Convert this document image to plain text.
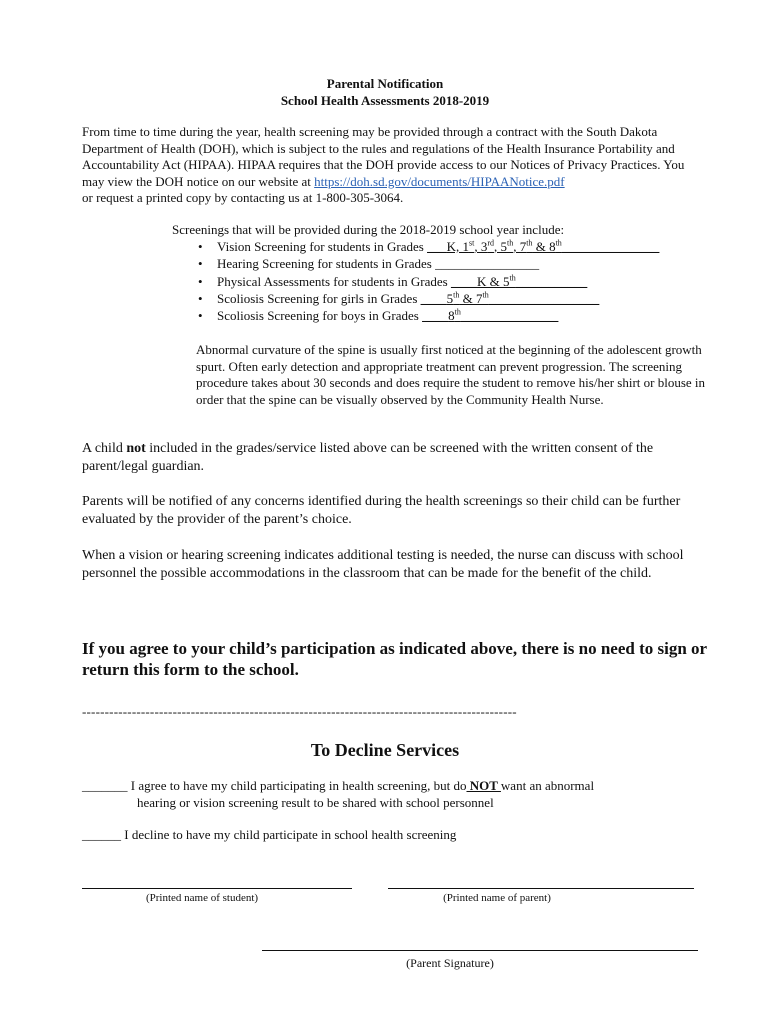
Parental Notification
School Health Assessments 2018-2019

From time to time during the year, health screening may be provided through a contract with the South Dakota Department of Health (DOH), which is subject to the rules and regulations of the Health Insurance Portability and Accountability Act (HIPAA). HIPAA requires that the DOH provide access to our Notices of Privacy Practices. You may view the DOH notice on our website at https://doh.sd.gov/documents/HIPAANotice.pdf
or request a printed copy by contacting us at 1-800-305-3064.

Screenings that will be provided during the 2018-2019 school year include:
• Vision Screening for students in Grades ___K, 1st, 3rd, 5th, 7th & 8th_______________
• Hearing Screening for students in Grades ________________
• Physical Assessments for students in Grades ____K & 5th___________
• Scoliosis Screening for girls in Grades ____5th & 7th_________________
• Scoliosis Screening for boys in Grades ____8th_______________

Abnormal curvature of the spine is usually first noticed at the beginning of the adolescent growth spurt. Often early detection and appropriate treatment can prevent progression. The screening procedure takes about 30 seconds and does require the student to remove his/her shirt or blouse in order that the spine can be visually observed by the Community Health Nurse.

A child not included in the grades/service listed above can be screened with the written consent of the parent/legal guardian.

Parents will be notified of any concerns identified during the health screenings so their child can be further evaluated by the provider of the parent’s choice.

When a vision or hearing screening indicates additional testing is needed, the nurse can discuss with school personnel the possible accommodations in the classroom that can be made for the benefit of the child.

If you agree to your child’s participation as indicated above, there is no need to sign or return this form to the school.

------------------------------------------------------------------------------------------------
To Decline Services
_______ I agree to have my child participating in health screening, but do NOT want an abnormal
hearing or vision screening result to be shared with school personnel
______ I decline to have my child participate in school health screening
(Printed name of student)	(Printed name of parent)
(Parent Signature)
